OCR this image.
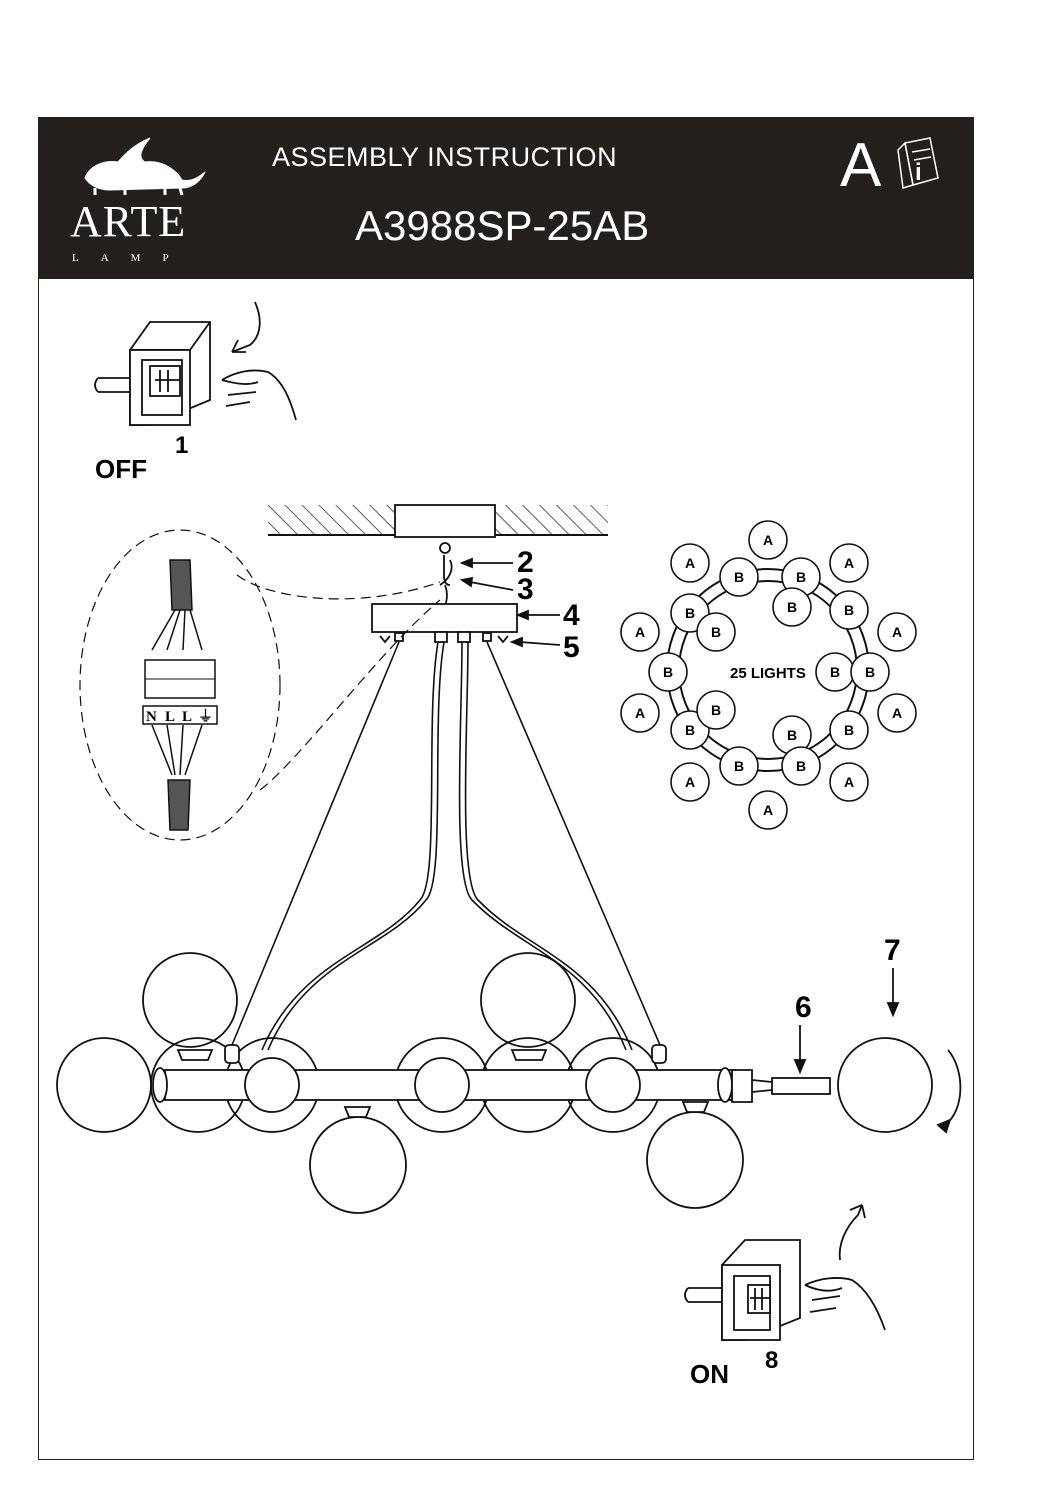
ASSEMBLY INSTRUCTION
A3988SP-25AB
ARTE
LAMP
A i
1
OFF
2
3
4
5
N L L ⏚
6
7
8
ON
A
A	A
A	A
A	A
A	A
A
B	B
B	B
B
B
B	B B
B
B
B
B
B	B
25 LIGHTS
